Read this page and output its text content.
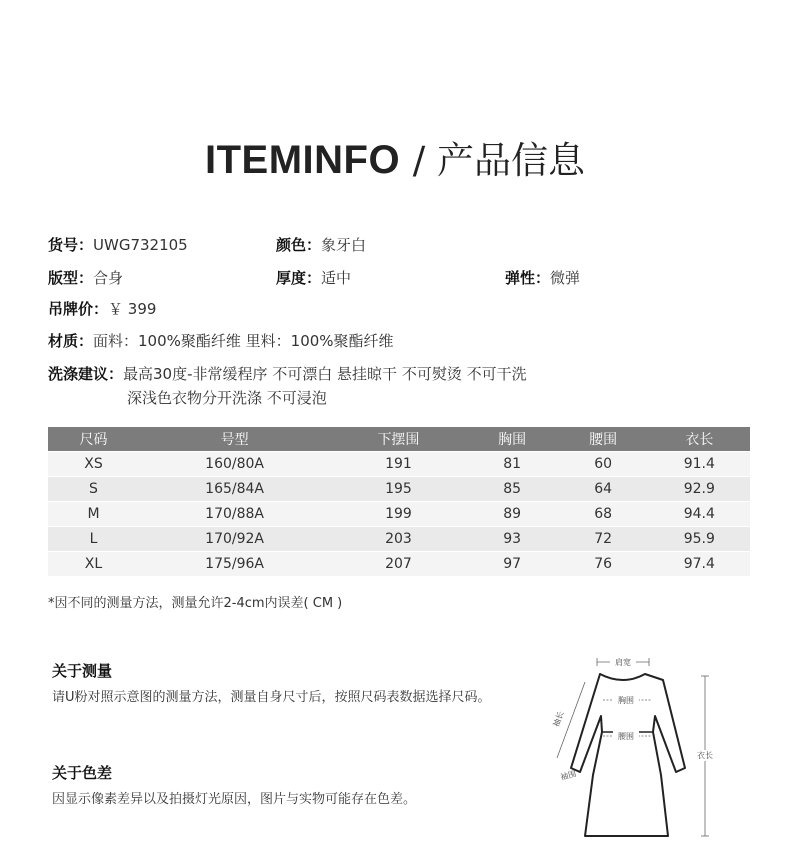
ITEMINFO / 产品信息
货号：UWG732105	颜色：象牙白
版型：合身	厚度：适中	弹性：微弹
吊牌价：￥ 399
材质：面料：100%聚酯纤维 里料：100%聚酯纤维
洗涤建议：最高30度-非常缓程序 不可漂白 悬挂晾干 不可熨烫 不可干洗
深浅色衣物分开洗涤 不可浸泡
尺码	号型	下摆围	胸围	腰围	衣长
XS	160/80A	191	81	60	91.4
S	165/84A	195	85	64	92.9
M	170/88A	199	89	68	94.4
L	170/92A	203	93	72	95.9
XL	175/96A	207	97	76	97.4
*因不同的测量方法，测量允许2-4cm内误差( CM )
关于测量
请U粉对照示意图的测量方法，测量自身尺寸后，按照尺码表数据选择尺码。
关于色差
因显示像素差异以及拍摄灯光原因，图片与实物可能存在色差。
肩宽
胸围
腰围
袖长
袖围
衣长
